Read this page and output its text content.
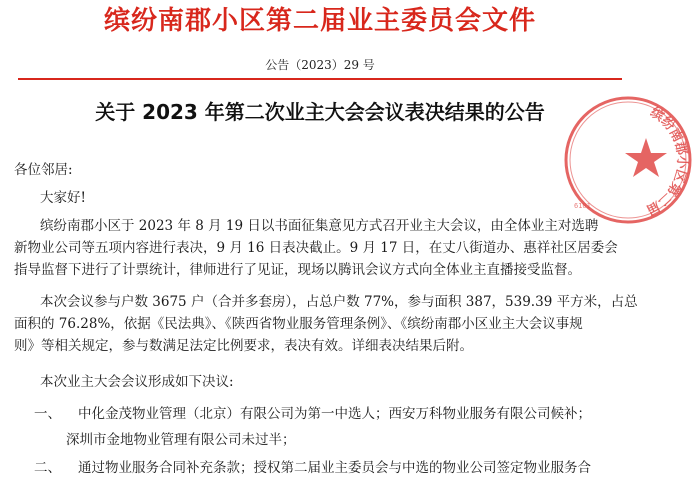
缤纷南郡小区第二届业主委员会文件
公告（2023）29 号
关于 2023 年第二次业主大会会议表决结果的公告
各位邻居:
大家好!
缤纷南郡小区于 2023 年 8 月 19 日以书面征集意见方式召开业主大会议，由全体业主对选聘
新物业公司等五项内容进行表决，9 月 16 日表决截止。9 月 17 日，在丈八街道办、惠祥社区居委会
指导监督下进行了计票统计，律师进行了见证，现场以腾讯会议方式向全体业主直播接受监督。
本次会议参与户数 3675 户（合并多套房），占总户数 77%，参与面积 387，539.39 平方米，占总
面积的 76.28%，依据《民法典》、《陕西省物业服务管理条例》、《缤纷南郡小区业主大会议事规
则》等相关规定，参与数满足法定比例要求，表决有效。详细表决结果后附。
本次业主大会会议形成如下决议:
一、 中化金茂物业管理（北京）有限公司为第一中选人；西安万科物业服务有限公司候补；
深圳市金地物业管理有限公司未过半；
二、 通过物业服务合同补充条款；授权第二届业主委员会与中选的物业公司签定物业服务合
缤纷南郡小区第二届
6101
